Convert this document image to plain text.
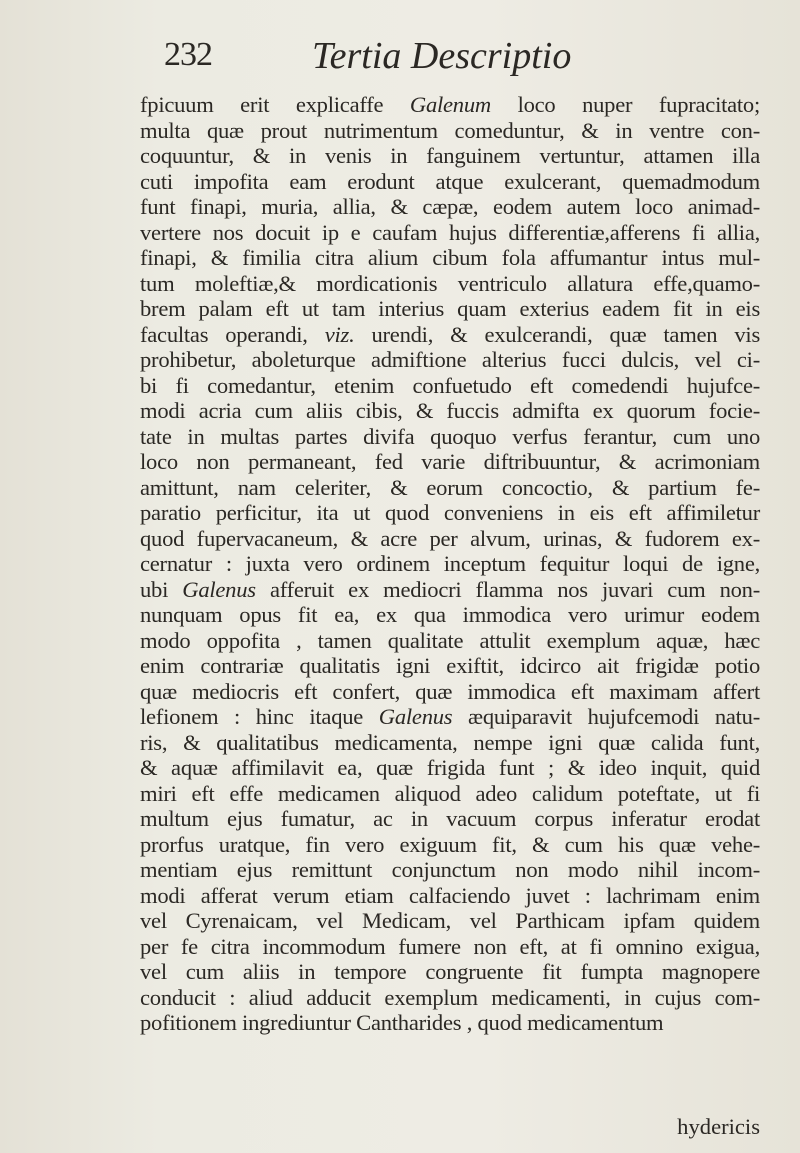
232	Tertia Descriptio
fpicuum erit explicaffe Galenum loco nuper fupracitato;
multa quæ prout nutrimentum comeduntur, & in ventre con-
coquuntur, & in venis in fanguinem vertuntur, attamen illa
cuti impofita eam erodunt atque exulcerant, quemadmodum
funt finapi, muria, allia, & cæpæ, eodem autem loco animad-
vertere nos docuit ip e caufam hujus differentiæ,afferens fi allia,
finapi, & fimilia citra alium cibum fola affumantur intus mul-
tum moleftiæ,& mordicationis ventriculo allatura effe,quamo-
brem palam eft ut tam interius quam exterius eadem fit in eis
facultas operandi, viz. urendi, & exulcerandi, quæ tamen vis
prohibetur, aboleturque admiftione alterius fucci dulcis, vel ci-
bi fi comedantur, etenim confuetudo eft comedendi hujufce-
modi acria cum aliis cibis, & fuccis admifta ex quorum focie-
tate in multas partes divifa quoquo verfus ferantur, cum uno
loco non permaneant, fed varie diftribuuntur, & acrimoniam
amittunt, nam celeriter, & eorum concoctio, & partium fe-
paratio perficitur, ita ut quod conveniens in eis eft affimiletur
quod fupervacaneum, & acre per alvum, urinas, & fudorem ex-
cernatur : juxta vero ordinem inceptum fequitur loqui de igne,
ubi Galenus afferuit ex mediocri flamma nos juvari cum non-
nunquam opus fit ea, ex qua immodica vero urimur eodem
modo oppofita , tamen qualitate attulit exemplum aquæ, hæc
enim contrariæ qualitatis igni exiftit, idcirco ait frigidæ potio
quæ mediocris eft confert, quæ immodica eft maximam affert
lefionem : hinc itaque Galenus æquiparavit hujufcemodi natu-
ris, & qualitatibus medicamenta, nempe igni quæ calida funt,
& aquæ affimilavit ea, quæ frigida funt ; & ideo inquit, quid
miri eft effe medicamen aliquod adeo calidum poteftate, ut fi
multum ejus fumatur, ac in vacuum corpus inferatur erodat
prorfus uratque, fin vero exiguum fit, & cum his quæ vehe-
mentiam ejus remittunt conjunctum non modo nihil incom-
modi afferat verum etiam calfaciendo juvet : lachrimam enim
vel Cyrenaicam, vel Medicam, vel Parthicam ipfam quidem
per fe citra incommodum fumere non eft, at fi omnino exigua,
vel cum aliis in tempore congruente fit fumpta magnopere
conducit : aliud adducit exemplum medicamenti, in cujus com-
pofitionem ingrediuntur Cantharides , quod medicamentum
hydericis
